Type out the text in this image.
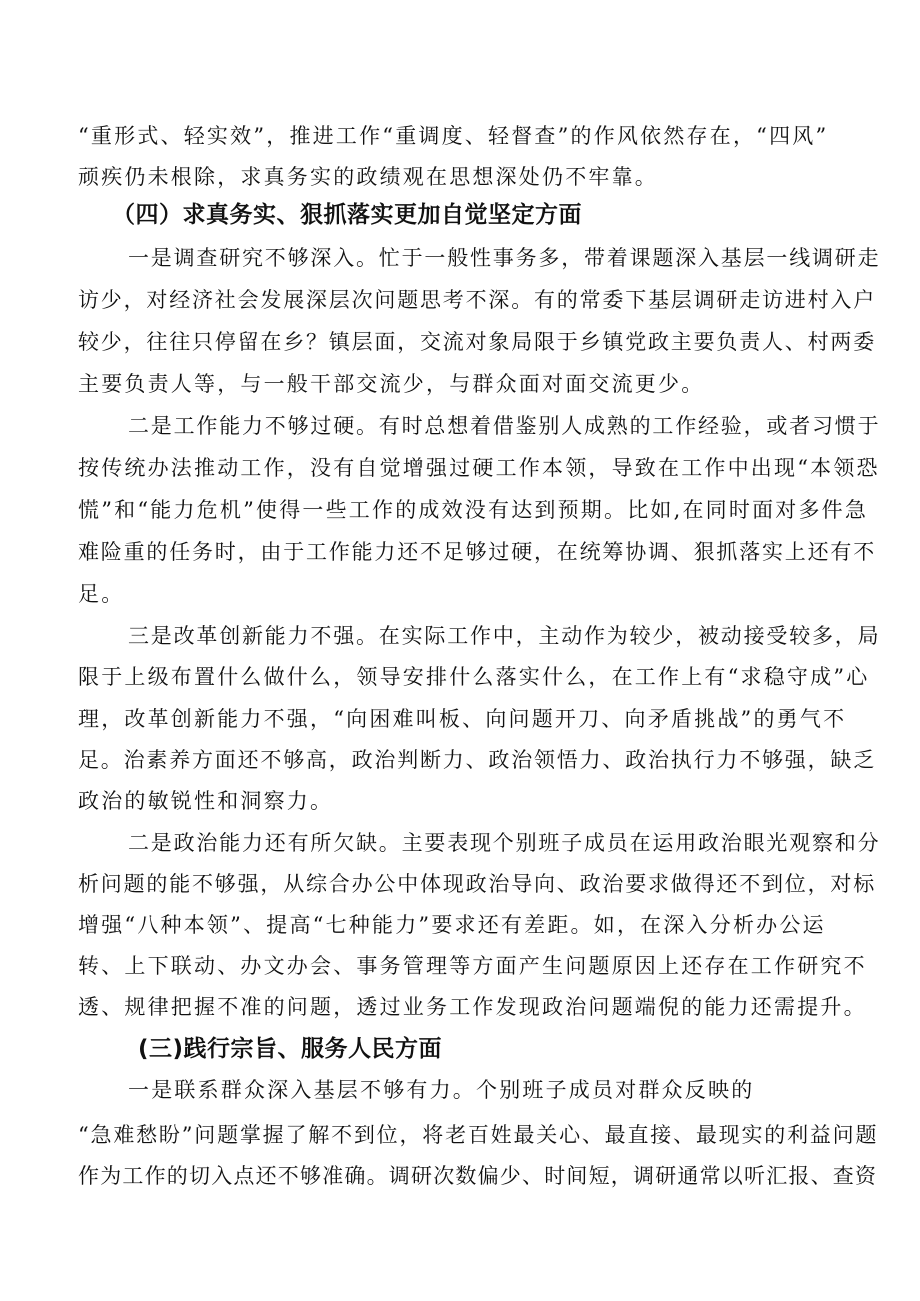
“重形式、轻实效”，推进工作“重调度、轻督查”的作风依然存在，“四风”
顽疾仍未根除，求真务实的政绩观在思想深处仍不牢靠。
（四）求真务实、狠抓落实更加自觉坚定方面
一是调查研究不够深入。忙于一般性事务多，带着课题深入基层一线调研走
访少，对经济社会发展深层次问题思考不深。有的常委下基层调研走访进村入户
较少，往往只停留在乡？镇层面，交流对象局限于乡镇党政主要负责人、村两委
主要负责人等，与一般干部交流少，与群众面对面交流更少。
二是工作能力不够过硬。有时总想着借鉴别人成熟的工作经验，或者习惯于
按传统办法推动工作，没有自觉增强过硬工作本领，导致在工作中出现“本领恐
慌”和“能力危机”使得一些工作的成效没有达到预期。比如,在同时面对多件急
难险重的任务时，由于工作能力还不足够过硬，在统筹协调、狠抓落实上还有不
足。
三是改革创新能力不强。在实际工作中，主动作为较少，被动接受较多，局
限于上级布置什么做什么，领导安排什么落实什么，在工作上有“求稳守成”心
理，改革创新能力不强，“向困难叫板、向问题开刀、向矛盾挑战”的勇气不
足。治素养方面还不够高，政治判断力、政治领悟力、政治执行力不够强，缺乏
政治的敏锐性和洞察力。
二是政治能力还有所欠缺。主要表现个别班子成员在运用政治眼光观察和分
析问题的能不够强，从综合办公中体现政治导向、政治要求做得还不到位，对标
增强“八种本领”、提高“七种能力”要求还有差距。如，在深入分析办公运
转、上下联动、办文办会、事务管理等方面产生问题原因上还存在工作研究不
透、规律把握不准的问题，透过业务工作发现政治问题端倪的能力还需提升。
(三)践行宗旨、服务人民方面
一是联系群众深入基层不够有力。个别班子成员对群众反映的
“急难愁盼”问题掌握了解不到位，将老百姓最关心、最直接、最现实的利益问题
作为工作的切入点还不够准确。调研次数偏少、时间短，调研通常以听汇报、查资
